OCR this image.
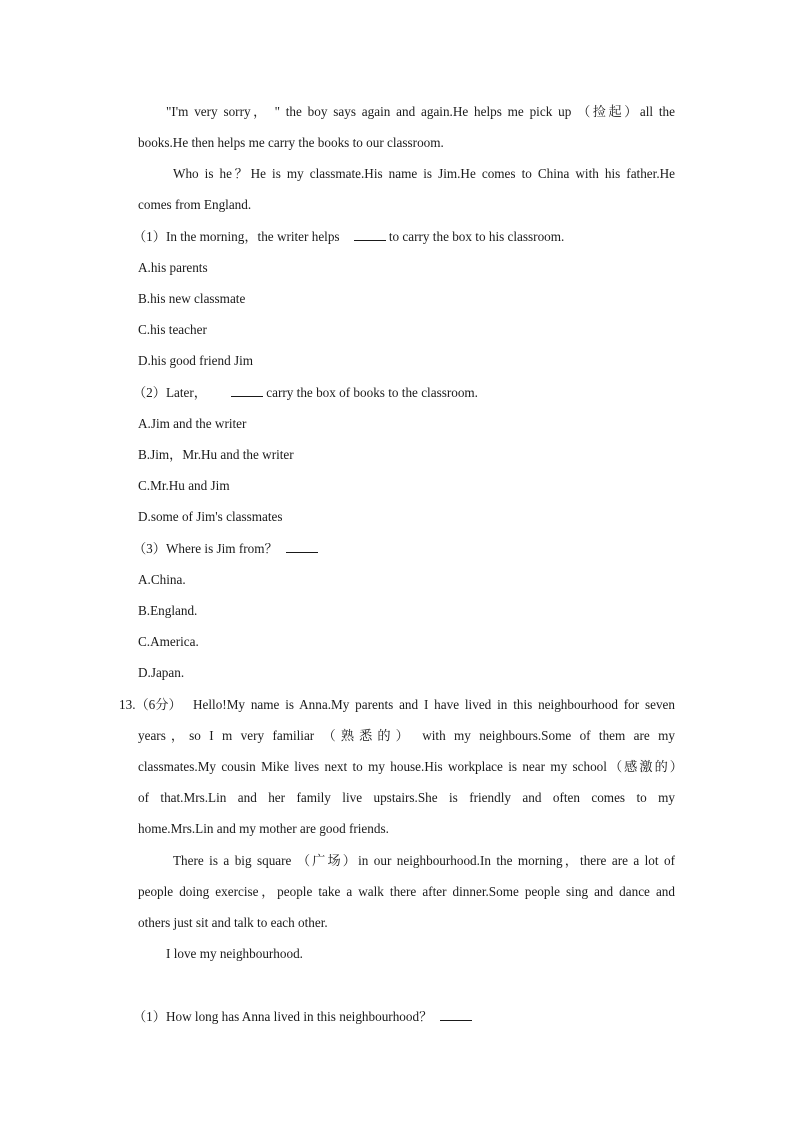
"I'm very sorry， " the boy says again and again.He helps me pick up （捡起）all the
books.He then helps me carry the books to our classroom.
Who is he？He is my classmate.His name is Jim.He comes to China with his father.He
comes from England.
（1）In the morning，the writer helps	to carry the box to his classroom.
A.his parents
B.his new classmate
C.his teacher
D.his good friend Jim
（2）Later，	carry the box of books to the classroom.
A.Jim and the writer
B.Jim，Mr.Hu and the writer
C.Mr.Hu and Jim
D.some of Jim's classmates
（3）Where is Jim from？
A.China.
B.England.
C.America.
D.Japan.
13.（6分） Hello!My name is Anna.My parents and I have lived in this neighbourhood for seven
years，so I m very familiar （熟悉的） with my neighbours.Some of them are my
classmates.My cousin Mike lives next to my house.His workplace is near my school（感激的）
of that.Mrs.Lin and her family live upstairs.She is friendly and often comes to my
home.Mrs.Lin and my mother are good friends.
There is a big square （广场）in our neighbourhood.In the morning，there are a lot of
people doing exercise，people take a walk there after dinner.Some people sing and dance and
others just sit and talk to each other.
I love my neighbourhood.
（1）How long has Anna lived in this neighbourhood？
